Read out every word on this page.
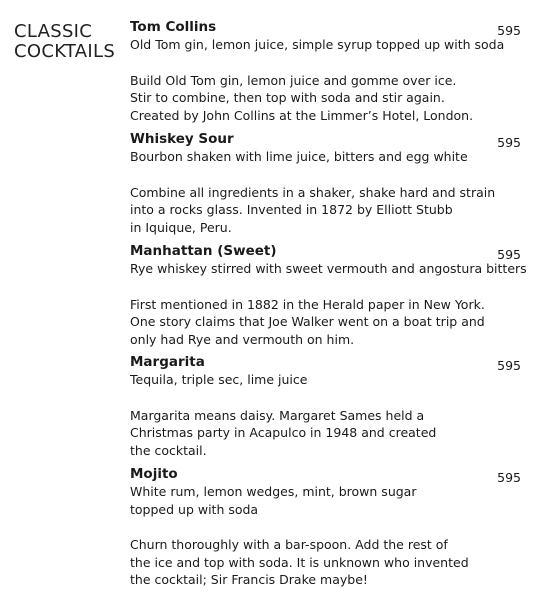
CLASSIC
COCKTAILS
Tom Collins	595
Old Tom gin, lemon juice, simple syrup topped up with soda
Build Old Tom gin, lemon juice and gomme over ice.
Stir to combine, then top with soda and stir again.
Created by John Collins at the Limmer’s Hotel, London.
Whiskey Sour	595
Bourbon shaken with lime juice, bitters and egg white
Combine all ingredients in a shaker, shake hard and strain
into a rocks glass. Invented in 1872 by Elliott Stubb
in Iquique, Peru.
Manhattan (Sweet)	595
Rye whiskey stirred with sweet vermouth and angostura bitters
First mentioned in 1882 in the Herald paper in New York.
One story claims that Joe Walker went on a boat trip and
only had Rye and vermouth on him.
Margarita	595
Tequila, triple sec, lime juice
Margarita means daisy. Margaret Sames held a
Christmas party in Acapulco in 1948 and created
the cocktail.
Mojito	595
White rum, lemon wedges, mint, brown sugar
topped up with soda
Churn thoroughly with a bar-spoon. Add the rest of
the ice and top with soda. It is unknown who invented
the cocktail; Sir Francis Drake maybe!
